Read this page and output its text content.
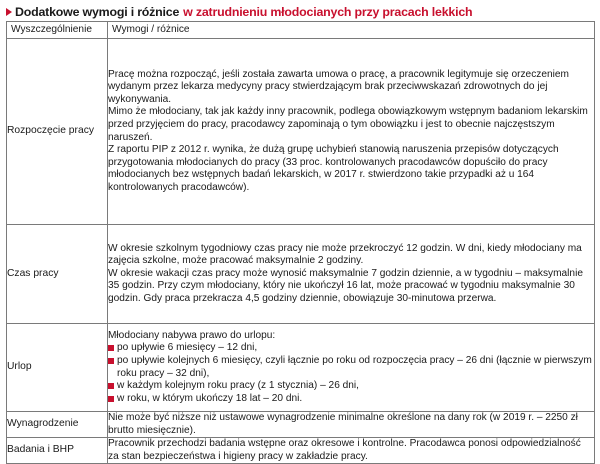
Dodatkowe wymogi i różnice w zatrudnieniu młodocianych przy pracach lekkich
Wyszczególnienie	Wymogi / różnice
Rozpoczęcie pracy	Pracę można rozpocząć, jeśli została zawarta umowa o pracę, a pracownik legitymuje się orzeczeniem wydanym przez lekarza medycyny pracy stwierdzającym brak przeciwwskazań zdrowotnych do jej wykonywania.
Mimo że młodociany, tak jak każdy inny pracownik, podlega obowiązkowym wstępnym badaniom lekarskim przed przyjęciem do pracy, pracodawcy zapominają o tym obowiązku i jest to obecnie najczęstszym naruszeń.
Z raportu PIP z 2012 r. wynika, że dużą grupę uchybień stanowią naruszenia przepisów dotyczących przygotowania młodocianych do pracy (33 proc. kontrolowanych pracodawców dopuściło do pracy młodocianych bez wstępnych badań lekarskich, w 2017 r. stwierdzono takie przypadki aż u 164 kontrolowanych pracodawców).

Czas pracy	W okresie szkolnym tygodniowy czas pracy nie może przekroczyć 12 godzin. W dni, kiedy młodociany ma zajęcia szkolne, może pracować maksymalnie 2 godziny.
W okresie wakacji czas pracy może wynosić maksymalnie 7 godzin dziennie, a w tygodniu – maksymalnie 35 godzin. Przy czym młodociany, który nie ukończył 16 lat, może pracować w tygodniu maksymalnie 30 godzin. Gdy praca przekracza 4,5 godziny dziennie, obowiązuje 30-minutowa przerwa.

Urlop	Młodociany nabywa prawo do urlopu:
po upływie 6 miesięcy – 12 dni,
po upływie kolejnych 6 miesięcy, czyli łącznie po roku od rozpoczęcia pracy – 26 dni (łącznie w pierwszym roku pracy – 32 dni),
w każdym kolejnym roku pracy (z 1 stycznia) – 26 dni,
w roku, w którym ukończy 18 lat – 20 dni.

Wynagrodzenie	Nie może być niższe niż ustawowe wynagrodzenie minimalne określone na dany rok (w 2019 r. – 2250 zł brutto miesięcznie).

Badania i BHP	Pracownik przechodzi badania wstępne oraz okresowe i kontrolne. Pracodawca ponosi odpowiedzialność za stan bezpieczeństwa i higieny pracy w zakładzie pracy.
